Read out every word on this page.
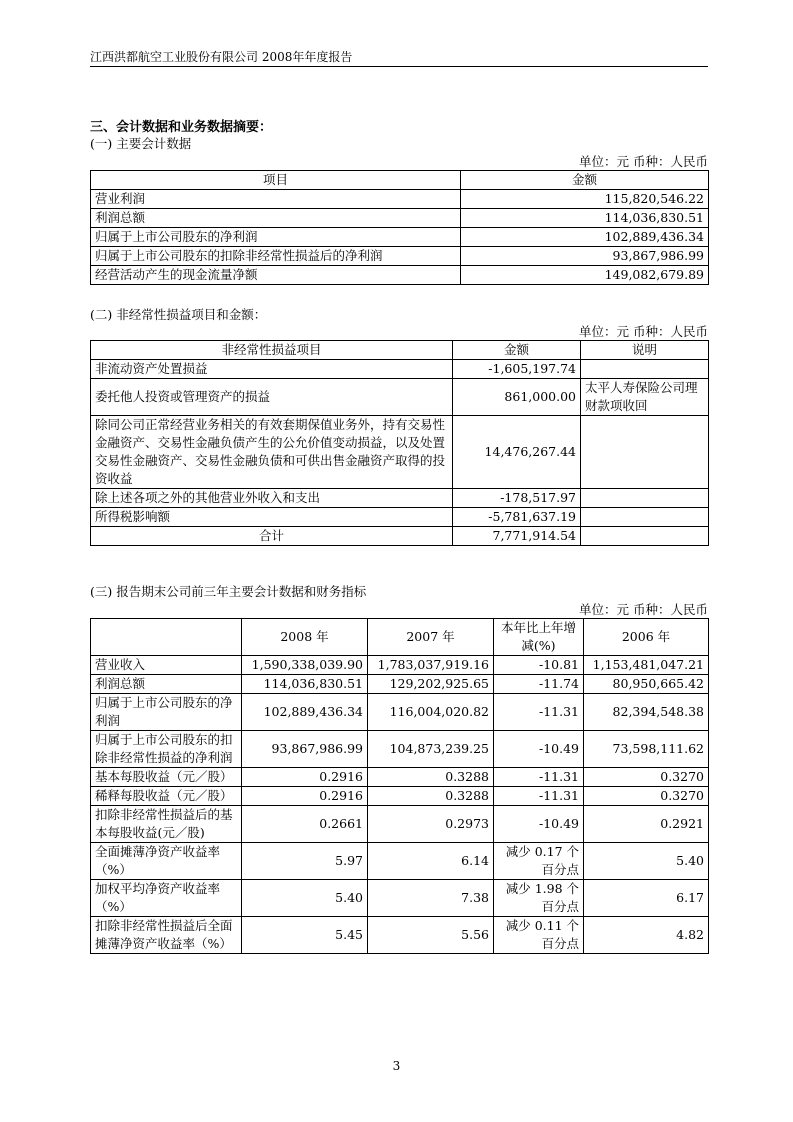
江西洪都航空工业股份有限公司 2008年年度报告
三、会计数据和业务数据摘要：
(一) 主要会计数据
单位：元 币种：人民币
项目	金额
营业利润	115,820,546.22
利润总额	114,036,830.51
归属于上市公司股东的净利润	102,889,436.34
归属于上市公司股东的扣除非经常性损益后的净利润	93,867,986.99
经营活动产生的现金流量净额	149,082,679.89
(二) 非经常性损益项目和金额：
单位：元 币种：人民币
非经常性损益项目	金额	说明
非流动资产处置损益	-1,605,197.74	
委托他人投资或管理资产的损益	861,000.00	太平人寿保险公司理财款项收回
除同公司正常经营业务相关的有效套期保值业务外，持有交易性金融资产、交易性金融负债产生的公允价值变动损益，以及处置交易性金融资产、交易性金融负债和可供出售金融资产取得的投资收益	14,476,267.44	
除上述各项之外的其他营业外收入和支出	-178,517.97	
所得税影响额	-5,781,637.19	
合计	7,771,914.54	
(三) 报告期末公司前三年主要会计数据和财务指标
单位：元 币种：人民币
	2008 年	2007 年	本年比上年增减(%)	2006 年
营业收入	1,590,338,039.90	1,783,037,919.16	-10.81	1,153,481,047.21
利润总额	114,036,830.51	129,202,925.65	-11.74	80,950,665.42
归属于上市公司股东的净利润	102,889,436.34	116,004,020.82	-11.31	82,394,548.38
归属于上市公司股东的扣除非经常性损益的净利润	93,867,986.99	104,873,239.25	-10.49	73,598,111.62
基本每股收益（元／股）	0.2916	0.3288	-11.31	0.3270
稀释每股收益（元／股）	0.2916	0.3288	-11.31	0.3270
扣除非经常性损益后的基本每股收益(元／股)	0.2661	0.2973	-10.49	0.2921
全面摊薄净资产收益率（%）	5.97	6.14	减少 0.17 个百分点	5.40
加权平均净资产收益率（%）	5.40	7.38	减少 1.98 个百分点	6.17
扣除非经常性损益后全面摊薄净资产收益率（%）	5.45	5.56	减少 0.11 个百分点	4.82
3
